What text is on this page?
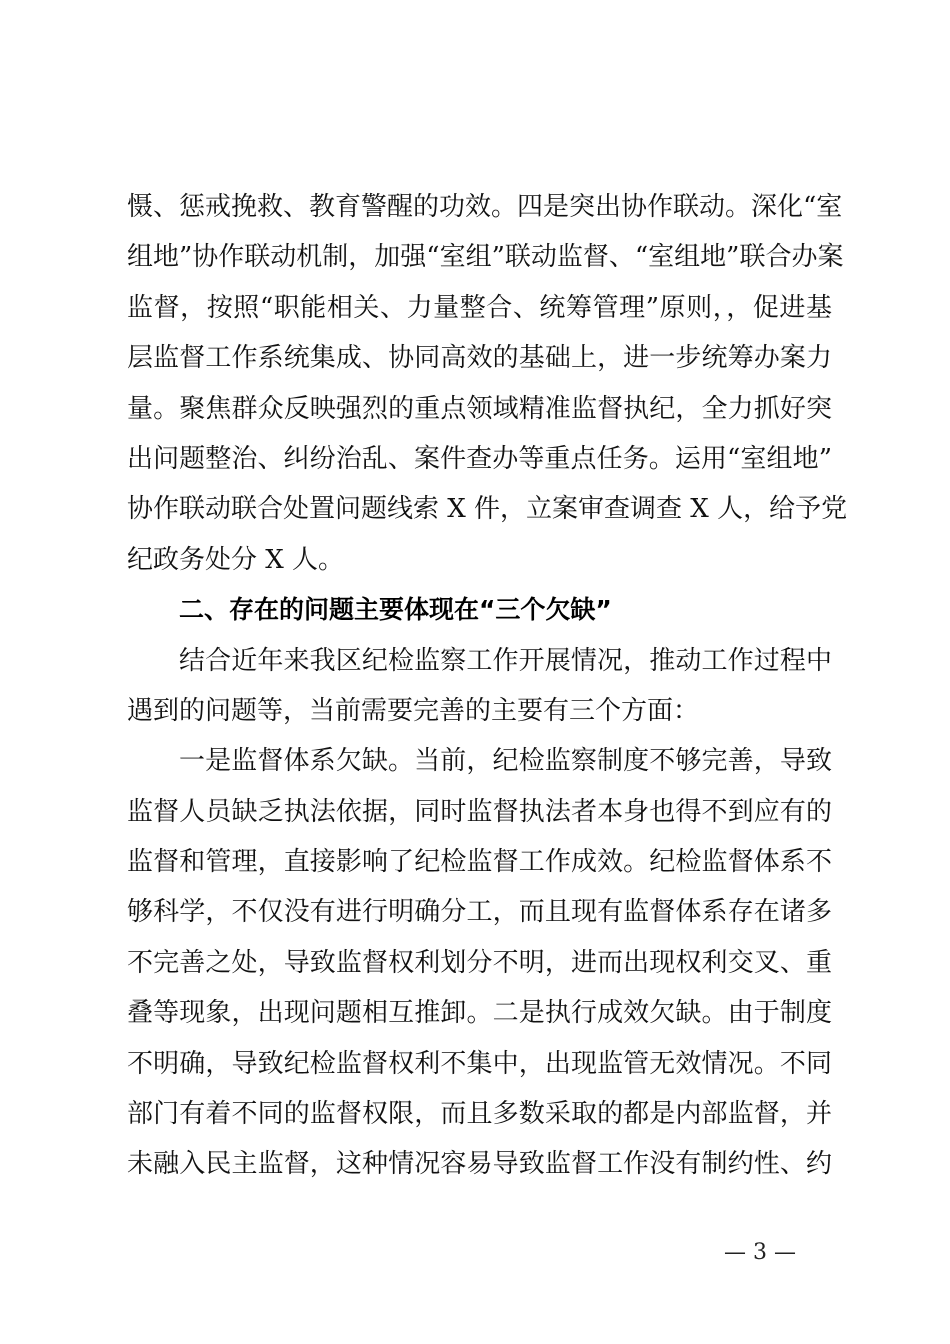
慑、惩戒挽救、教育警醒的功效。四是突出协作联动。深化“室
组地”协作联动机制，加强“室组”联动监督、“室组地”联合办案
监督，按照“职能相关、力量整合、统筹管理”原则，，促进基
层监督工作系统集成、协同高效的基础上，进一步统筹办案力
量。聚焦群众反映强烈的重点领域精准监督执纪，全力抓好突
出问题整治、纠纷治乱、案件查办等重点任务。运用“室组地”
协作联动联合处置问题线索 X 件，立案审查调查 X 人，给予党
纪政务处分 X 人。
二、存在的问题主要体现在“三个欠缺”
结合近年来我区纪检监察工作开展情况，推动工作过程中
遇到的问题等，当前需要完善的主要有三个方面：
一是监督体系欠缺。当前，纪检监察制度不够完善，导致
监督人员缺乏执法依据，同时监督执法者本身也得不到应有的
监督和管理，直接影响了纪检监督工作成效。纪检监督体系不
够科学，不仅没有进行明确分工，而且现有监督体系存在诸多
不完善之处，导致监督权利划分不明，进而出现权利交叉、重
叠等现象，出现问题相互推卸。二是执行成效欠缺。由于制度
不明确，导致纪检监督权利不集中，出现监管无效情况。不同
部门有着不同的监督权限，而且多数采取的都是内部监督，并
未融入民主监督，这种情况容易导致监督工作没有制约性、约
— 3 —
